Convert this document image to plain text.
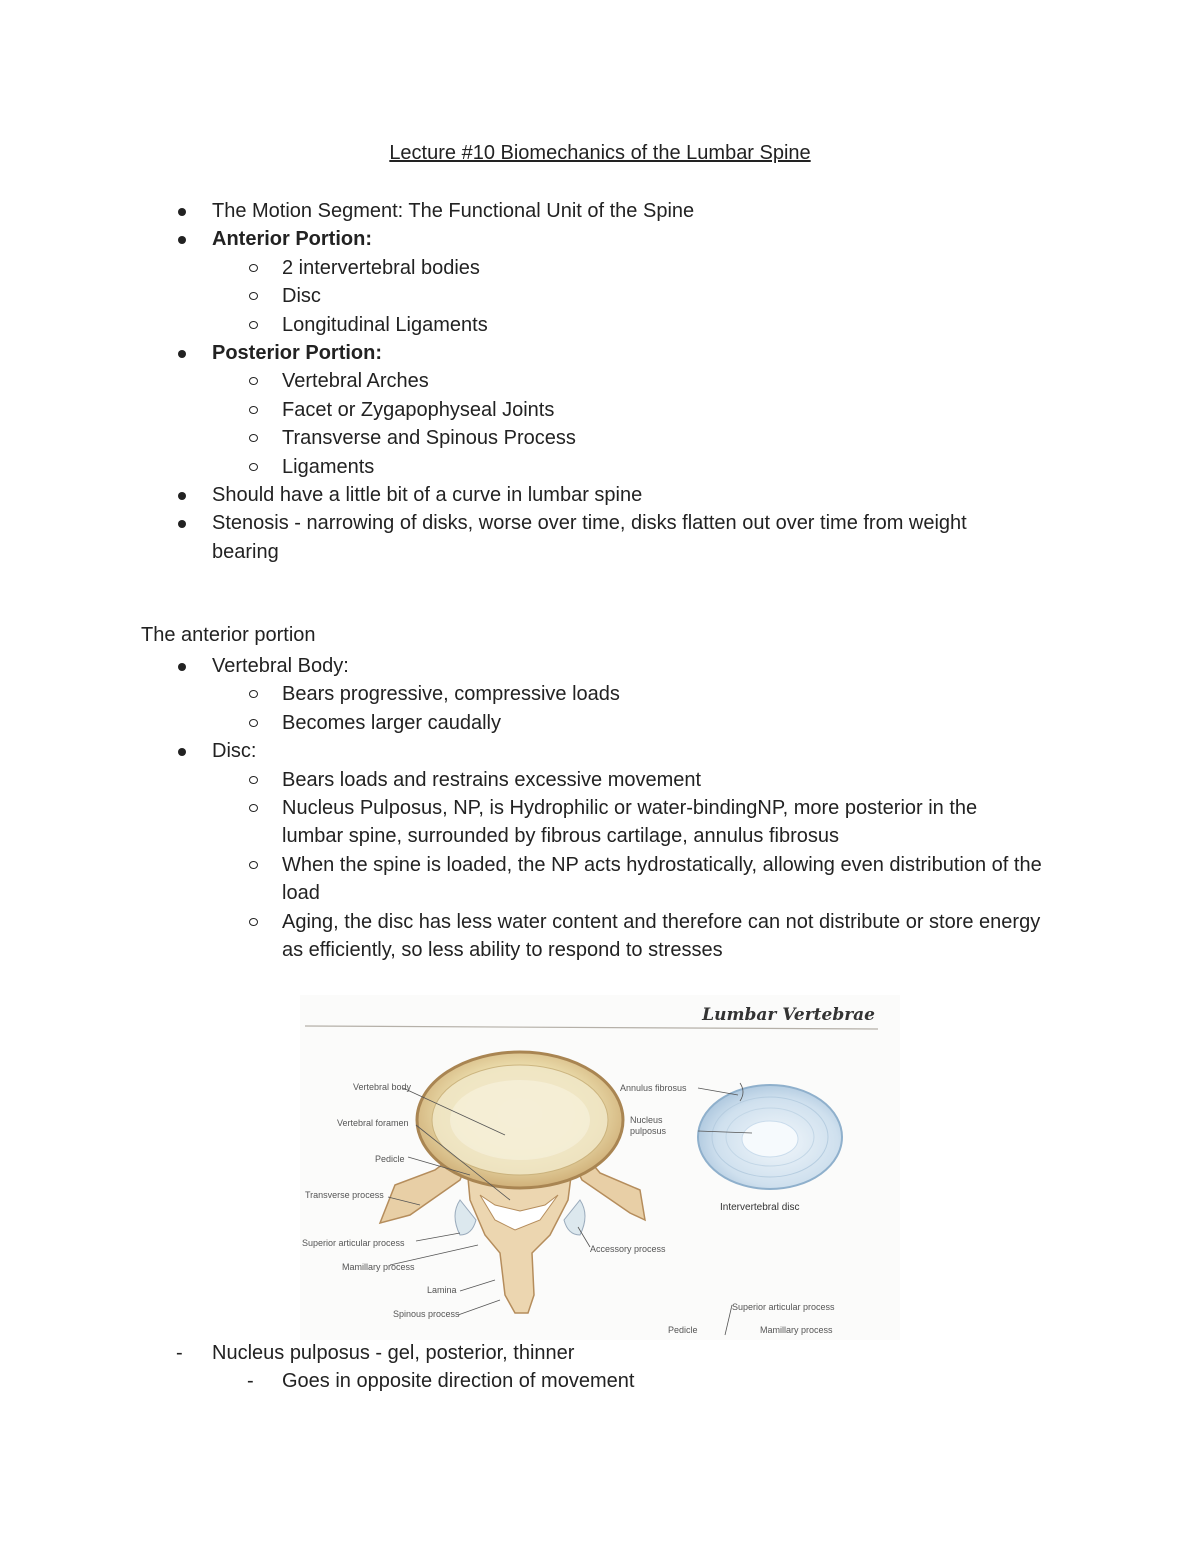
Lecture #10 Biomechanics of the Lumbar Spine
The Motion Segment: The Functional Unit of the Spine
Anterior Portion:
2 intervertebral bodies
Disc
Longitudinal Ligaments
Posterior Portion:
Vertebral Arches
Facet or Zygapophyseal Joints
Transverse and Spinous Process
Ligaments
Should have a little bit of a curve in lumbar spine
Stenosis - narrowing of disks, worse over time, disks flatten out over time from weight bearing
The anterior portion
Vertebral Body:
Bears progressive, compressive loads
Becomes larger caudally
Disc:
Bears loads and restrains excessive movement
Nucleus Pulposus, NP, is Hydrophilic or water-bindingNP, more posterior in the lumbar spine, surrounded by fibrous cartilage, annulus fibrosus
When the spine is loaded, the NP acts hydrostatically, allowing even distribution of the load
Aging, the disc has less water content and therefore can not distribute or store energy as efficiently, so less ability to respond to stresses
Lumbar Vertebrae
Vertebral body
Vertebral foramen
Pedicle
Transverse process
Superior articular process
Mamillary process
Lamina
Spinous process
Accessory process
Annulus fibrosus
Nucleus
pulposus
Intervertebral disc
Superior articular process
Pedicle	Mamillary process
- Nucleus pulposus - gel, posterior, thinner
- Goes in opposite direction of movement
